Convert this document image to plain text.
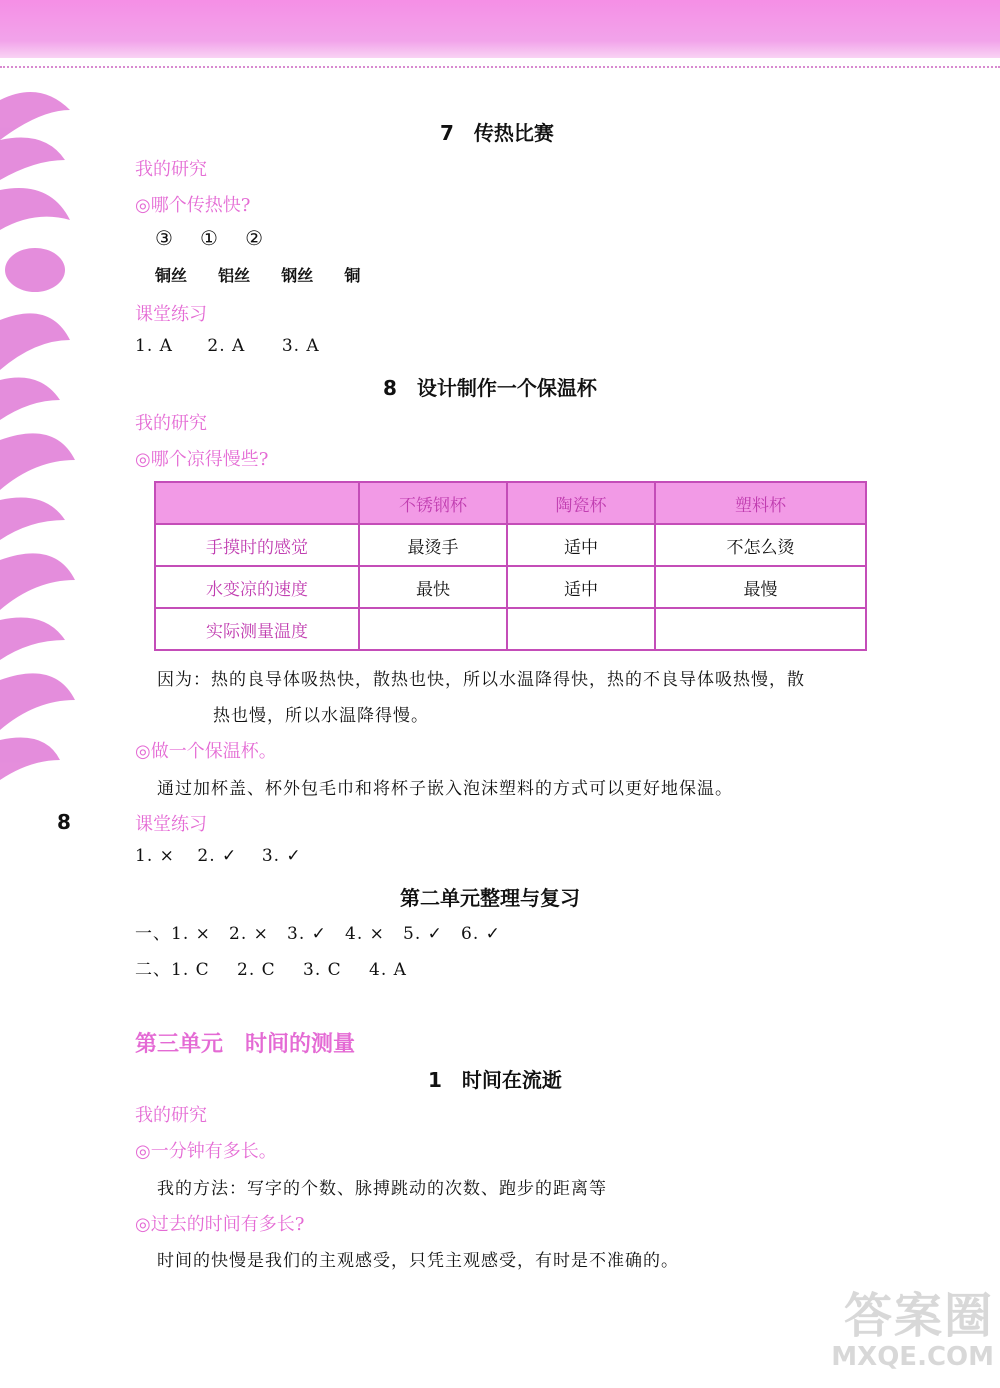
7　传热比赛
我的研究
◎哪个传热快?
③ ① ②
铜丝 铝丝 钢丝 铜
课堂练习
1. A 2. A 3. A
8　设计制作一个保温杯
我的研究
◎哪个凉得慢些?
	不锈钢杯	陶瓷杯	塑料杯
手摸时的感觉	最烫手	适中	不怎么烫
水变凉的速度	最快	适中	最慢
实际测量温度			
因为：热的良导体吸热快，散热也快，所以水温降得快，热的不良导体吸热慢，散
热也慢，所以水温降得慢。
◎做一个保温杯。
通过加杯盖、杯外包毛巾和将杯子嵌入泡沫塑料的方式可以更好地保温。
8	课堂练习
1. × 2. ✓ 3. ✓
第二单元整理与复习
一、1. × 2. × 3. ✓ 4. × 5. ✓ 6. ✓
二、1. C 2. C 3. C 4. A
第三单元　时间的测量
1　时间在流逝
我的研究
◎一分钟有多长。
我的方法：写字的个数、脉搏跳动的次数、跑步的距离等
◎过去的时间有多长?
时间的快慢是我们的主观感受，只凭主观感受，有时是不准确的。
答案圈
MXQE.COM
